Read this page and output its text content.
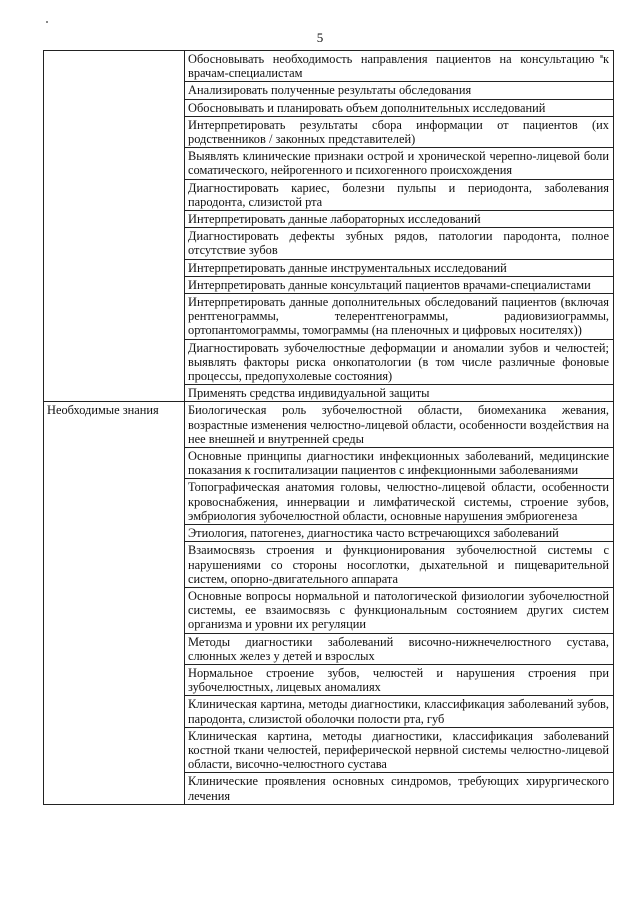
5
	Обосновывать необходимость направления пациентов на консультацию к врачам-специалистам
	Анализировать полученные результаты обследования
	Обосновывать и планировать объем дополнительных исследований
	Интерпретировать результаты сбора информации от пациентов (их родственников / законных представителей)
	Выявлять клинические признаки острой и хронической черепно-лицевой боли соматического, нейрогенного и психогенного происхождения
	Диагностировать кариес, болезни пульпы и периодонта, заболевания пародонта, слизистой рта
	Интерпретировать данные лабораторных исследований
	Диагностировать дефекты зубных рядов, патологии пародонта, полное отсутствие зубов
	Интерпретировать данные инструментальных исследований
	Интерпретировать данные консультаций пациентов врачами-специалистами
	Интерпретировать данные дополнительных обследований пациентов (включая рентгенограммы, телерентгенограммы, радиовизиограммы, ортопантомограммы, томограммы (на пленочных и цифровых носителях))
	Диагностировать зубочелюстные деформации и аномалии зубов и челюстей; выявлять факторы риска онкопатологии (в том числе различные фоновые процессы, предопухолевые состояния)
	Применять средства индивидуальной защиты
Необходимые знания	Биологическая роль зубочелюстной области, биомеханика жевания, возрастные изменения челюстно-лицевой области, особенности воздействия на нее внешней и внутренней среды
	Основные принципы диагностики инфекционных заболеваний, медицинские показания к госпитализации пациентов с инфекционными заболеваниями
	Топографическая анатомия головы, челюстно-лицевой области, особенности кровоснабжения, иннервации и лимфатической системы, строение зубов, эмбриология зубочелюстной области, основные нарушения эмбриогенеза
	Этиология, патогенез, диагностика часто встречающихся заболеваний
	Взаимосвязь строения и функционирования зубочелюстной системы с нарушениями со стороны носоглотки, дыхательной и пищеварительной систем, опорно-двигательного аппарата
	Основные вопросы нормальной и патологической физиологии зубочелюстной системы, ее взаимосвязь с функциональным состоянием других систем организма и уровни их регуляции
	Методы диагностики заболеваний височно-нижнечелюстного сустава, слюнных желез у детей и взрослых
	Нормальное строение зубов, челюстей и нарушения строения при зубочелюстных, лицевых аномалиях
	Клиническая картина, методы диагностики, классификация заболеваний зубов, пародонта, слизистой оболочки полости рта, губ
	Клиническая картина, методы диагностики, классификация заболеваний костной ткани челюстей, периферической нервной системы челюстно-лицевой области, височно-челюстного сустава
	Клинические проявления основных синдромов, требующих хирургического лечения
